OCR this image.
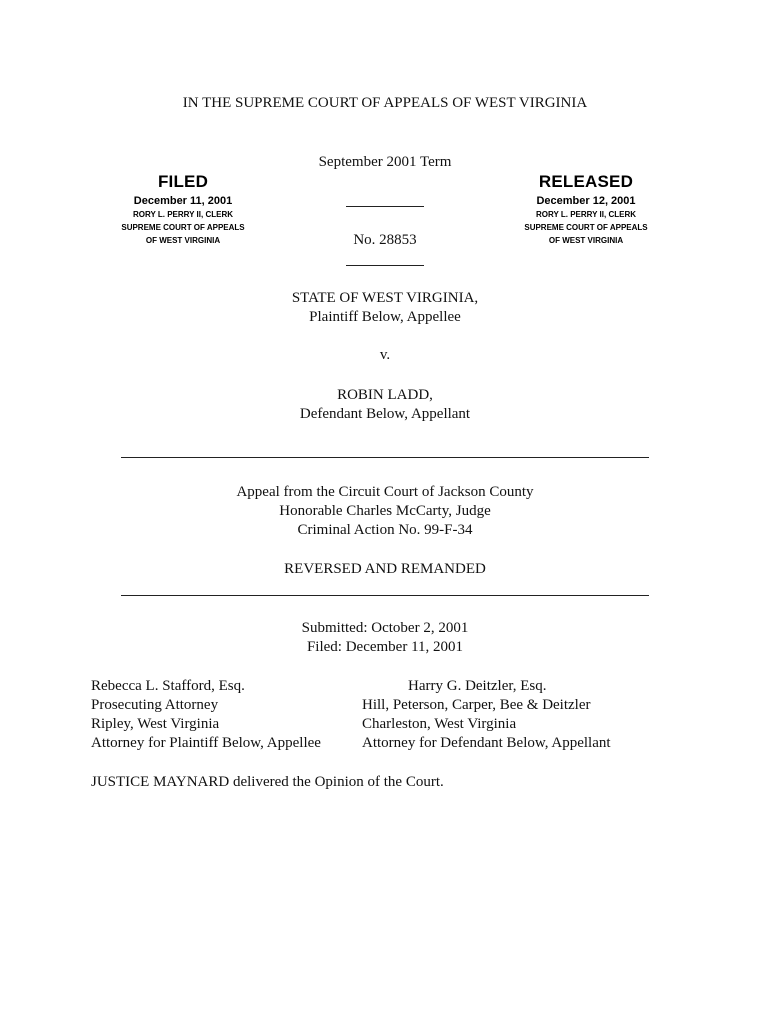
IN THE SUPREME COURT OF APPEALS OF WEST VIRGINIA
September 2001 Term
FILED
December 11, 2001
RORY L. PERRY II, CLERK
SUPREME COURT OF APPEALS
OF WEST VIRGINIA
RELEASED
December 12, 2001
RORY L. PERRY II, CLERK
SUPREME COURT OF APPEALS
OF WEST VIRGINIA
No. 28853
STATE OF WEST VIRGINIA,
Plaintiff Below, Appellee
v.
ROBIN LADD,
Defendant Below, Appellant
Appeal from the Circuit Court of Jackson County
Honorable Charles McCarty, Judge
Criminal Action No. 99-F-34
REVERSED AND REMANDED
Submitted: October 2, 2001
Filed: December 11, 2001
Rebecca L. Stafford, Esq.
Prosecuting Attorney
Ripley, West Virginia
Attorney for Plaintiff Below, Appellee
Harry G. Deitzler, Esq.
Hill, Peterson, Carper, Bee & Deitzler
Charleston, West Virginia
Attorney for Defendant Below, Appellant
JUSTICE MAYNARD delivered the Opinion of the Court.
